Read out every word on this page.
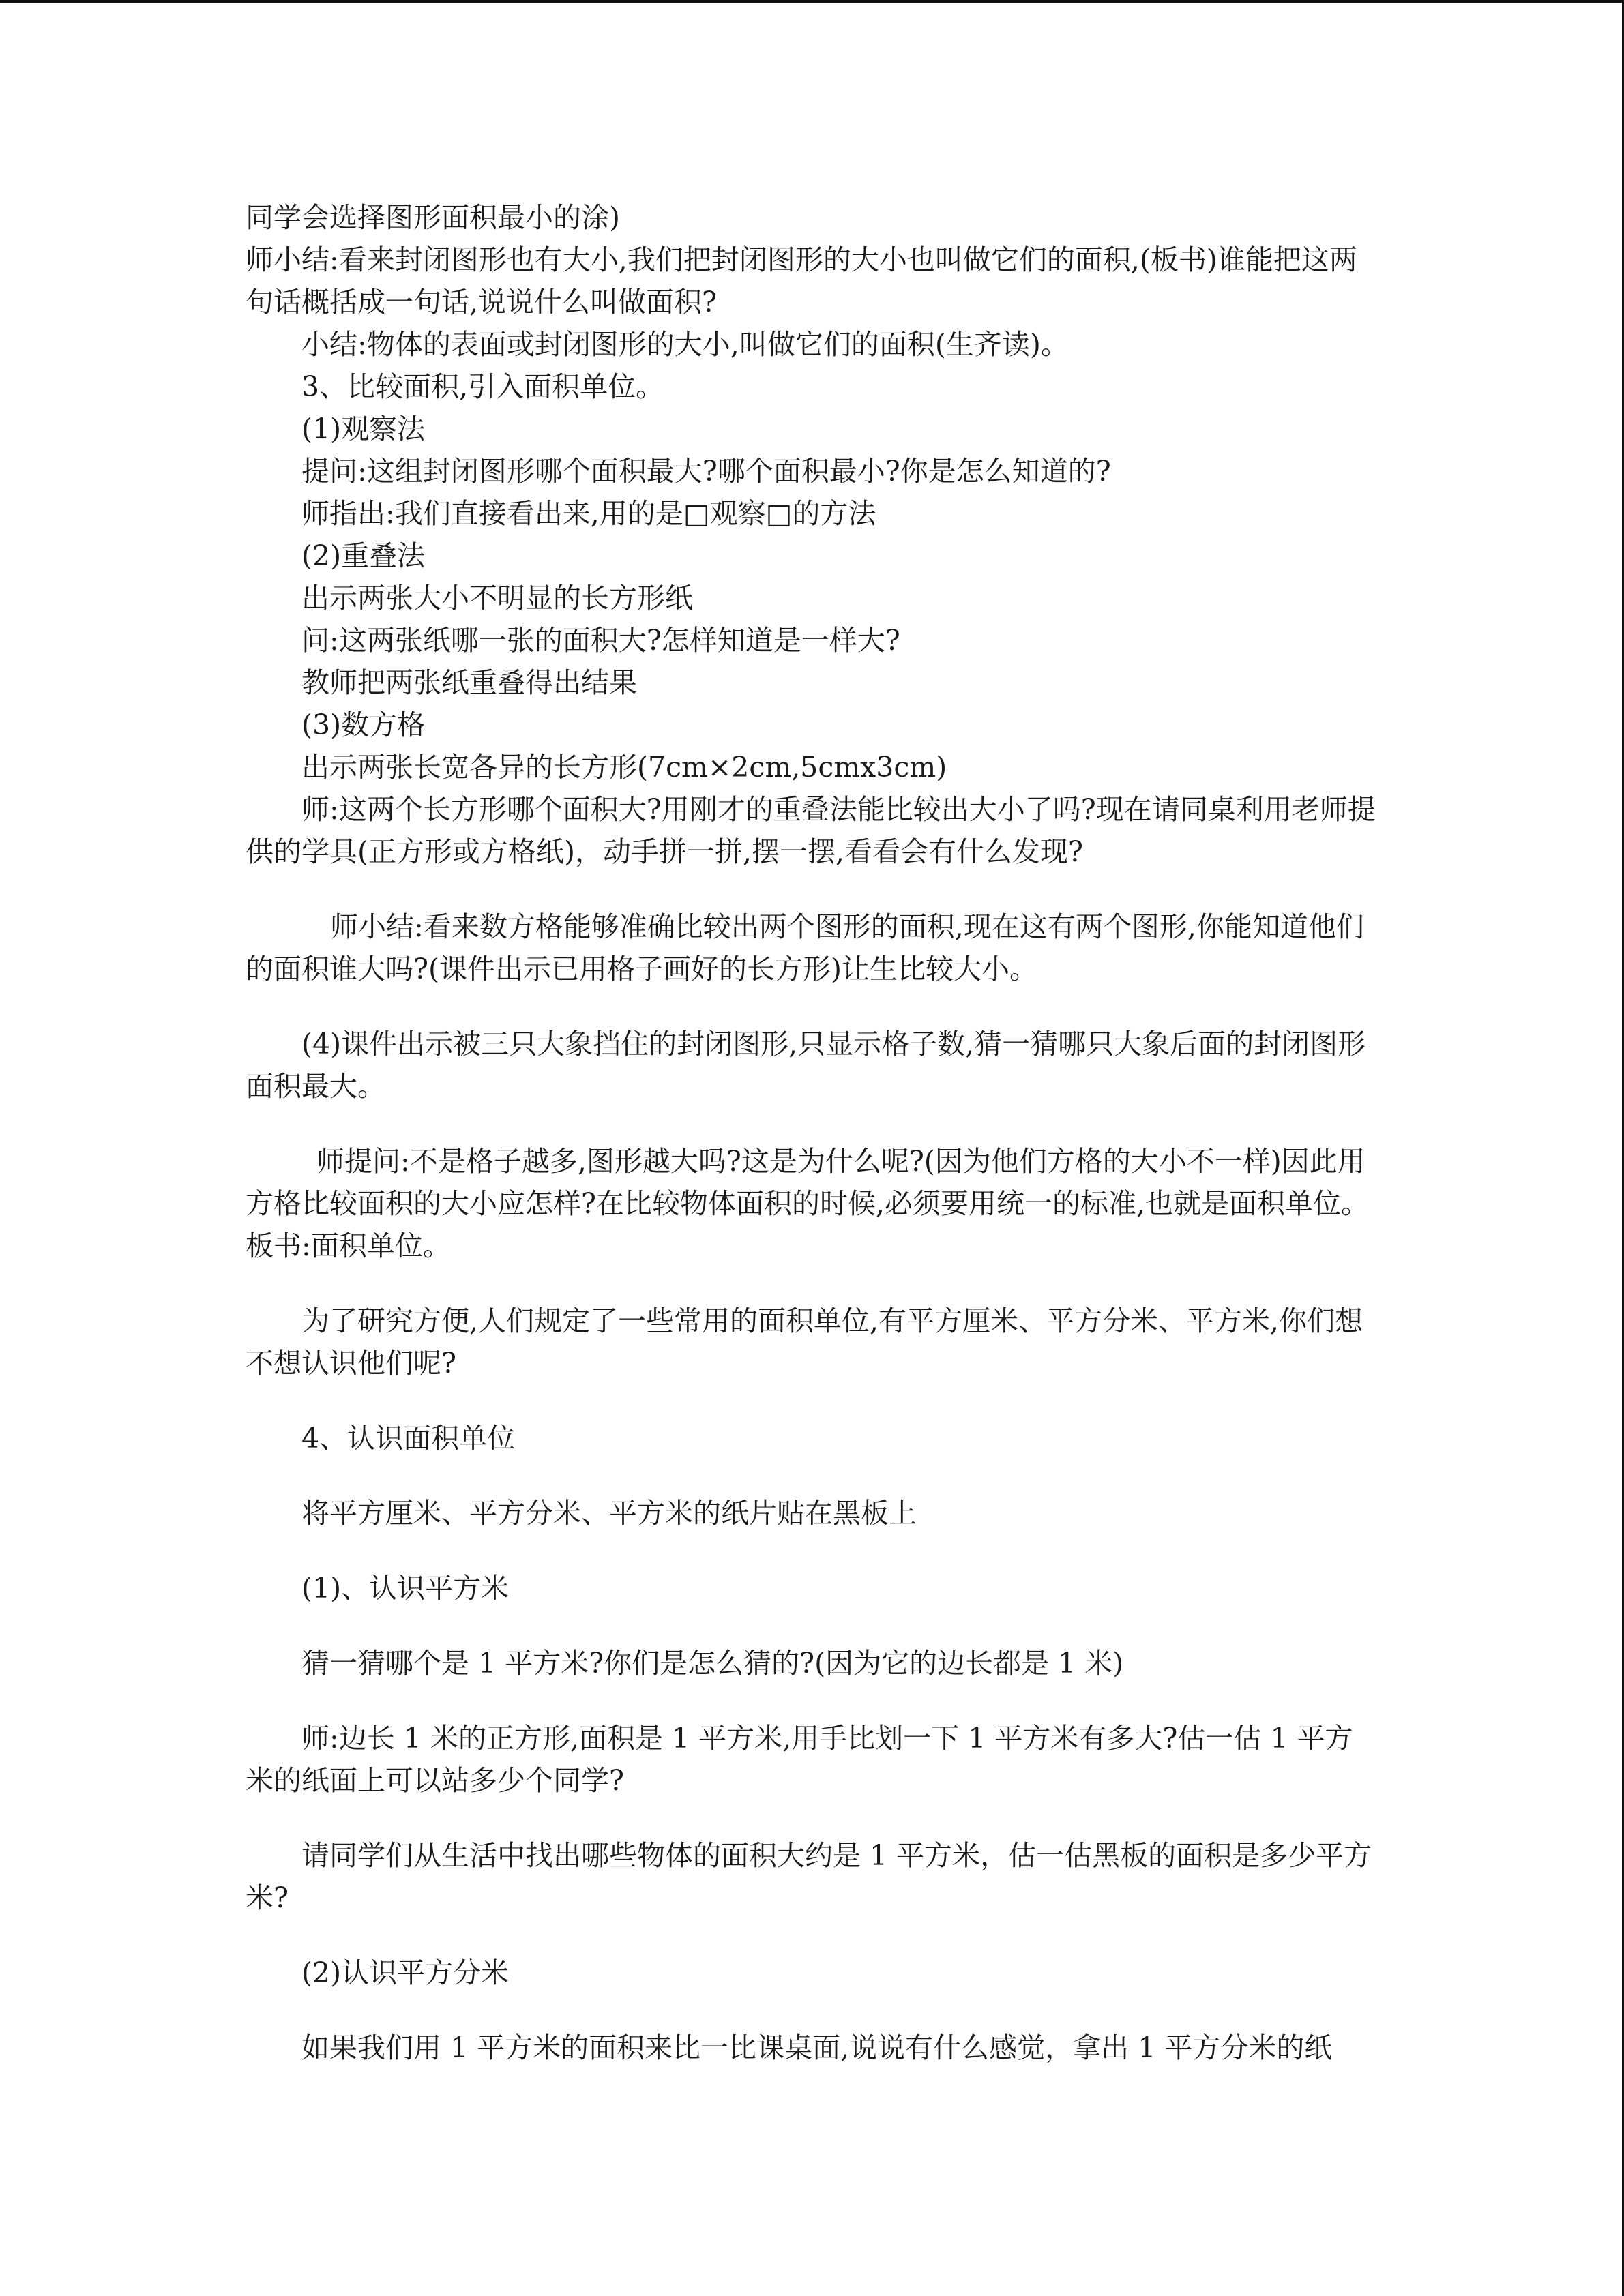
同学会选择图形面积最小的涂)

师小结:看来封闭图形也有大小,我们把封闭图形的大小也叫做它们的面积,(板书)谁能把这两句话概括成一句话,说说什么叫做面积?

小结:物体的表面或封闭图形的大小,叫做它们的面积(生齐读)。

3、比较面积,引入面积单位。

(1)观察法

提问:这组封闭图形哪个面积最大?哪个面积最小?你是怎么知道的?

师指出:我们直接看出来,用的是□观察□的方法

(2)重叠法

出示两张大小不明显的长方形纸

问:这两张纸哪一张的面积大?怎样知道是一样大?

教师把两张纸重叠得出结果

(3)数方格

出示两张长宽各异的长方形(7cm×2cm,5cmx3cm)

师:这两个长方形哪个面积大?用刚才的重叠法能比较出大小了吗?现在请同桌利用老师提供的学具(正方形或方格纸)，动手拼一拼,摆一摆,看看会有什么发现?

师小结:看来数方格能够准确比较出两个图形的面积,现在这有两个图形,你能知道他们的面积谁大吗?(课件出示已用格子画好的长方形)让生比较大小。

(4)课件出示被三只大象挡住的封闭图形,只显示格子数,猜一猜哪只大象后面的封闭图形面积最大。

师提问:不是格子越多,图形越大吗?这是为什么呢?(因为他们方格的大小不一样)因此用方格比较面积的大小应怎样?在比较物体面积的时候,必须要用统一的标准,也就是面积单位。板书:面积单位。

为了研究方便,人们规定了一些常用的面积单位,有平方厘米、平方分米、平方米,你们想不想认识他们呢?

4、认识面积单位

将平方厘米、平方分米、平方米的纸片贴在黑板上

(1)、认识平方米

猜一猜哪个是 1 平方米?你们是怎么猜的?(因为它的边长都是 1 米)

师:边长 1 米的正方形,面积是 1 平方米,用手比划一下 1 平方米有多大?估一估 1 平方米的纸面上可以站多少个同学?

请同学们从生活中找出哪些物体的面积大约是 1 平方米，估一估黑板的面积是多少平方米?

(2)认识平方分米

如果我们用 1 平方米的面积来比一比课桌面,说说有什么感觉，拿出 1 平方分米的纸
